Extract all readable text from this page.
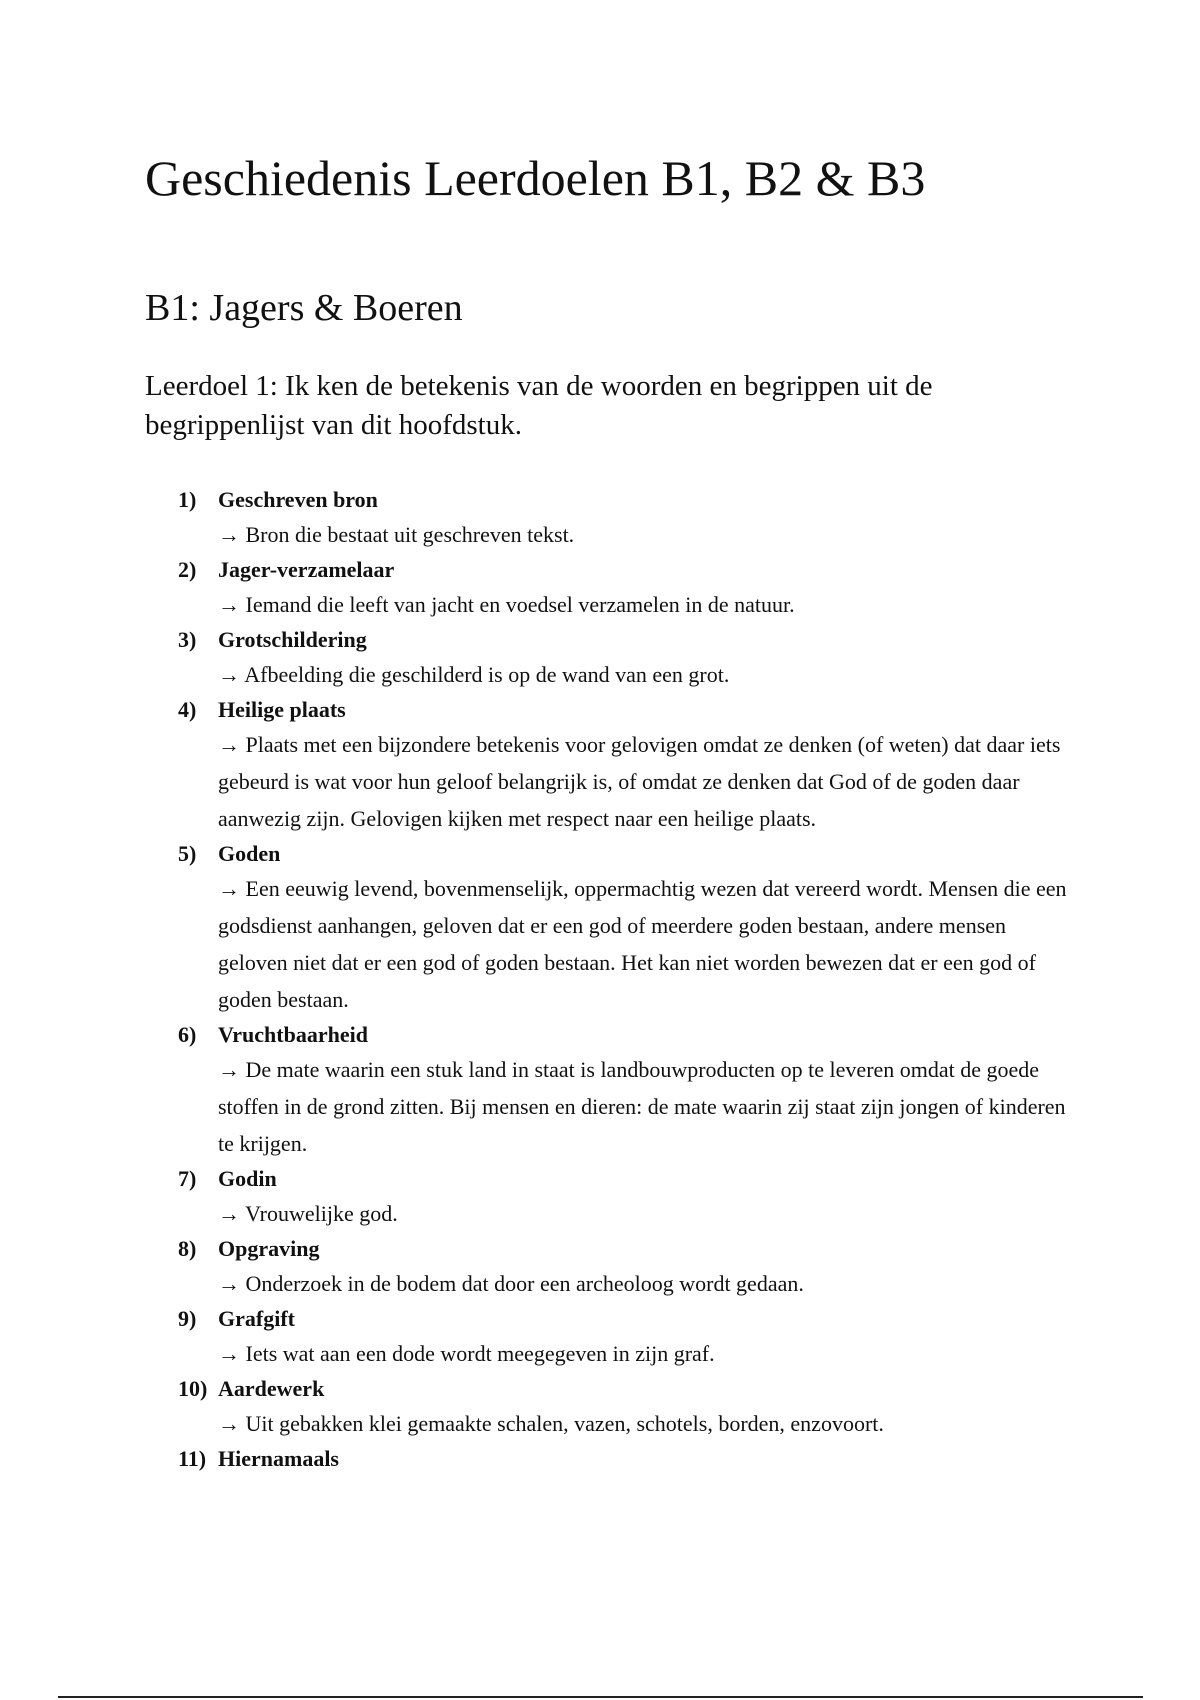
Geschiedenis Leerdoelen B1, B2 & B3
B1: Jagers & Boeren

Leerdoel 1: Ik ken de betekenis van de woorden en begrippen uit de begrippenlijst van dit hoofdstuk.

1) Geschreven bron
→ Bron die bestaat uit geschreven tekst.
2) Jager-verzamelaar
→ Iemand die leeft van jacht en voedsel verzamelen in de natuur.
3) Grotschildering
→ Afbeelding die geschilderd is op de wand van een grot.
4) Heilige plaats
→ Plaats met een bijzondere betekenis voor gelovigen omdat ze denken (of weten) dat daar iets gebeurd is wat voor hun geloof belangrijk is, of omdat ze denken dat God of de goden daar aanwezig zijn. Gelovigen kijken met respect naar een heilige plaats.
5) Goden
→ Een eeuwig levend, bovenmenselijk, oppermachtig wezen dat vereerd wordt. Mensen die een godsdienst aanhangen, geloven dat er een god of meerdere goden bestaan, andere mensen geloven niet dat er een god of goden bestaan. Het kan niet worden bewezen dat er een god of goden bestaan.
6) Vruchtbaarheid
→ De mate waarin een stuk land in staat is landbouwproducten op te leveren omdat de goede stoffen in de grond zitten. Bij mensen en dieren: de mate waarin zij staat zijn jongen of kinderen te krijgen.
7) Godin
→ Vrouwelijke god.
8) Opgraving
→ Onderzoek in de bodem dat door een archeoloog wordt gedaan.
9) Grafgift
→ Iets wat aan een dode wordt meegegeven in zijn graf.
10) Aardewerk
→ Uit gebakken klei gemaakte schalen, vazen, schotels, borden, enzovoort.
11) Hiernamaals
